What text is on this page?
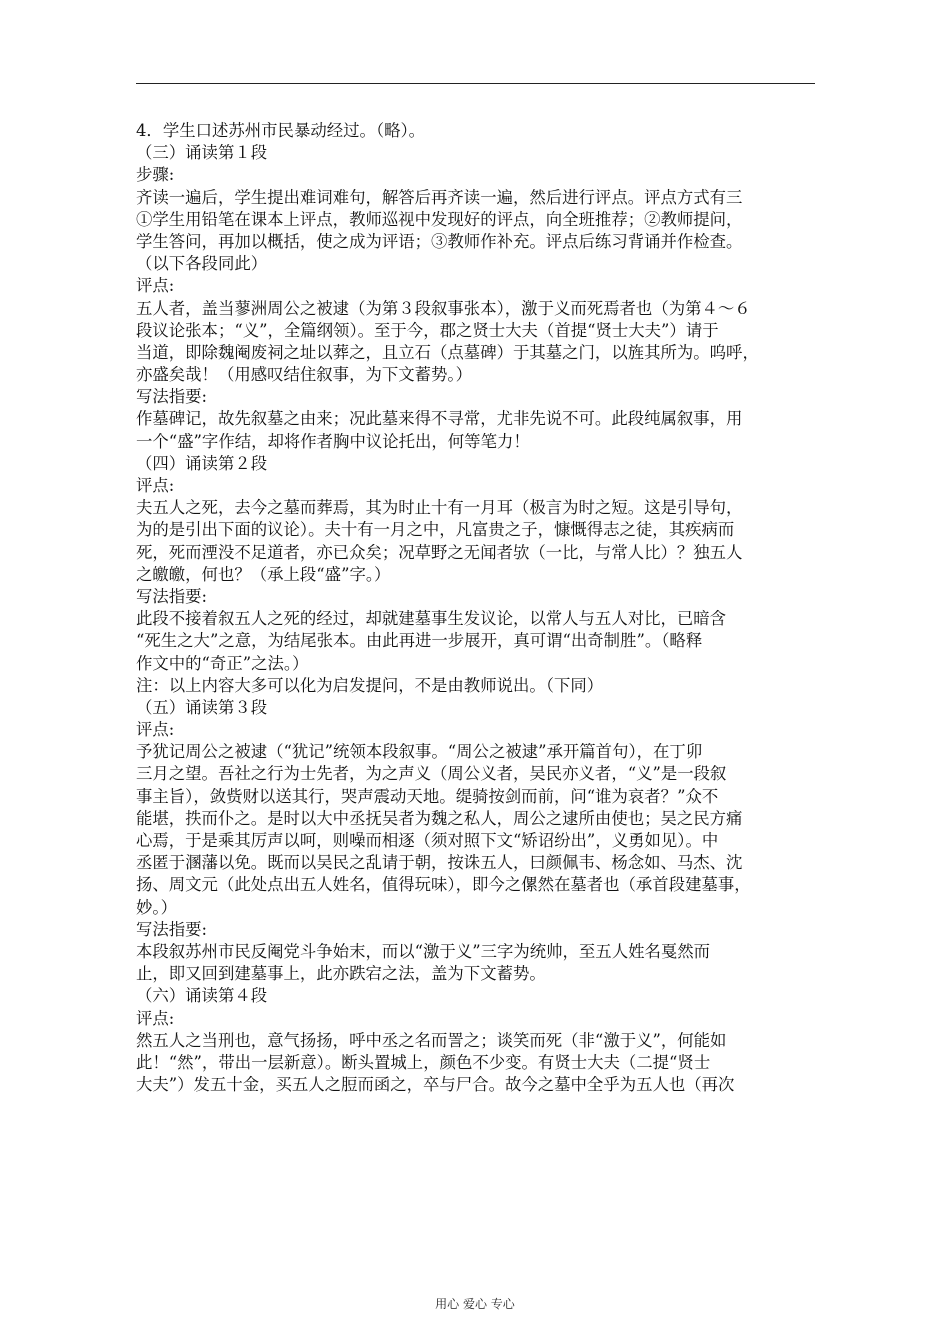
4．学生口述苏州市民暴动经过。（略）。
（三）诵读第１段
步骤:
齐读一遍后，学生提出难词难句，解答后再齐读一遍，然后进行评点。评点方式有三
①学生用铅笔在课本上评点，教师巡视中发现好的评点，向全班推荐；②教师提问，
学生答问，再加以概括，使之成为评语；③教师作补充。评点后练习背诵并作检查。
（以下各段同此）
评点:
五人者，盖当蓼洲周公之被逮（为第３段叙事张本），激于义而死焉者也（为第４～６
段议论张本；“义”，全篇纲领）。至于今，郡之贤士大夫（首提“贤士大夫”）请于
当道，即除魏阉废祠之址以葬之，且立石（点墓碑）于其墓之门，以旌其所为。呜呼，
亦盛矣哉！（用感叹结住叙事，为下文蓄势。）
写法指要:
作墓碑记，故先叙墓之由来；况此墓来得不寻常，尤非先说不可。此段纯属叙事，用
一个“盛”字作结，却将作者胸中议论托出，何等笔力！
（四）诵读第２段
评点:
夫五人之死，去今之墓而葬焉，其为时止十有一月耳（极言为时之短。这是引导句，
为的是引出下面的议论）。夫十有一月之中，凡富贵之子，慷慨得志之徒，其疾病而
死，死而湮没不足道者，亦已众矣；况草野之无闻者欤（一比，与常人比）？独五人
之皦皦，何也？（承上段“盛”字。）
写法指要:
此段不接着叙五人之死的经过，却就建墓事生发议论，以常人与五人对比，已暗含
“死生之大”之意，为结尾张本。由此再进一步展开，真可谓“出奇制胜”。（略释
作文中的“奇正”之法。）
注：以上内容大多可以化为启发提问，不是由教师说出。（下同）
（五）诵读第３段
评点:
予犹记周公之被逮（“犹记”统领本段叙事。“周公之被逮”承开篇首句），在丁卯
三月之望。吾社之行为士先者，为之声义（周公义者，吴民亦义者，“义”是一段叙
事主旨），敛赀财以送其行，哭声震动天地。缇骑按剑而前，问“谁为哀者？”众不
能堪，抶而仆之。是时以大中丞抚吴者为魏之私人，周公之逮所由使也；吴之民方痛
心焉，于是乘其厉声以呵，则噪而相逐（须对照下文“矫诏纷出”，义勇如见）。中
丞匿于溷藩以免。既而以吴民之乱请于朝，按诛五人，曰颜佩韦、杨念如、马杰、沈
扬、周文元（此处点出五人姓名，值得玩味），即今之傫然在墓者也（承首段建墓事，
妙。）
写法指要:
本段叙苏州市民反阉党斗争始末，而以“激于义”三字为统帅，至五人姓名戛然而
止，即又回到建墓事上，此亦跌宕之法，盖为下文蓄势。
（六）诵读第４段
评点:
然五人之当刑也，意气扬扬，呼中丞之名而詈之；谈笑而死（非“激于义”，何能如
此！“然”，带出一层新意）。断头置城上，颜色不少变。有贤士大夫（二提“贤士
大夫”）发五十金，买五人之脰而函之，卒与尸合。故今之墓中全乎为五人也（再次
用心 爱心 专心
